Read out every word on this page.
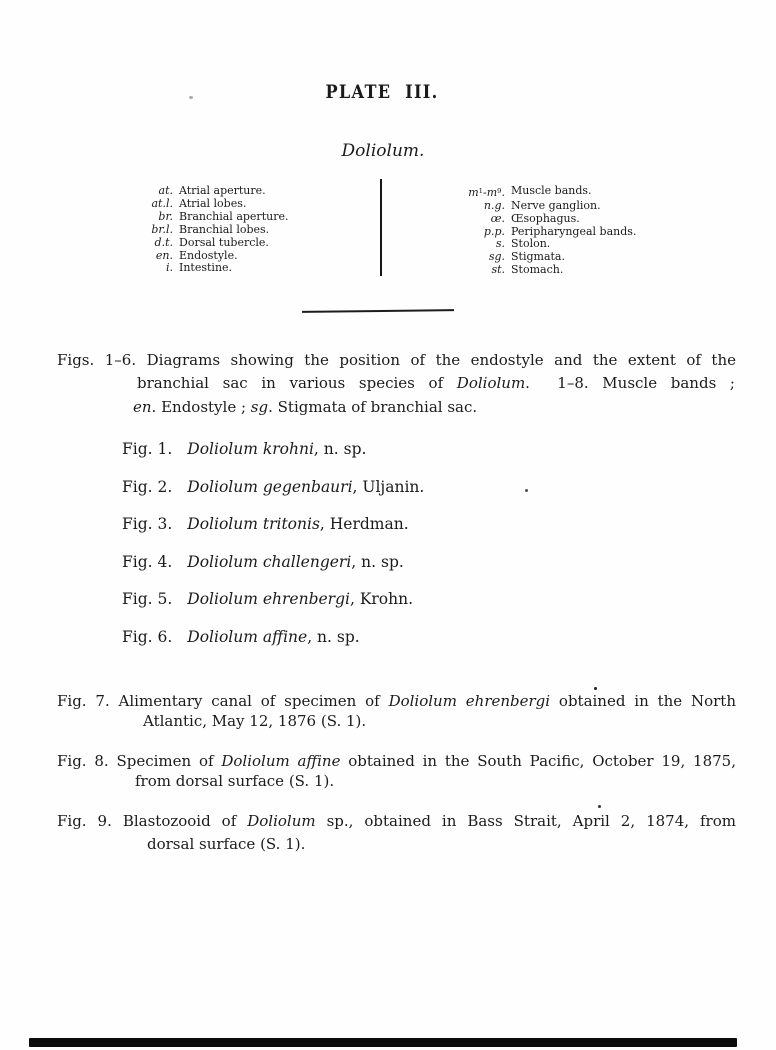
PLATE  III.
Doliolum.
at. Atrial aperture.
at.l. Atrial lobes.
br. Branchial aperture.
br.l. Branchial lobes.
d.t. Dorsal tubercle.
en. Endostyle.
i. Intestine.
$m^1-m^9$. Muscle bands.
n.g. Nerve ganglion.
œ. Œsophagus.
p.p. Peripharyngeal bands.
s. Stolon.
sg. Stigmata.
st. Stomach.
Figs. 1–6. Diagrams showing the position of the endostyle and the extent of the
branchial sac in various species of Doliolum.  1–8. Muscle bands ;
en. Endostyle ; sg. Stigmata of branchial sac.
Fig. 1. Doliolum krohni, n. sp.
Fig. 2. Doliolum gegenbauri, Uljanin.
Fig. 3. Doliolum tritonis, Herdman.
Fig. 4. Doliolum challengeri, n. sp.
Fig. 5. Doliolum ehrenbergi, Krohn.
Fig. 6. Doliolum affine, n. sp.
Fig. 7. Alimentary canal of specimen of Doliolum ehrenbergi obtained in the North
Atlantic, May 12, 1876 (S. 1).
Fig. 8. Specimen of Doliolum affine obtained in the South Pacific, October 19, 1875,
from dorsal surface (S. 1).
Fig. 9. Blastozooid of Doliolum sp., obtained in Bass Strait, April 2, 1874, from
dorsal surface (S. 1).
